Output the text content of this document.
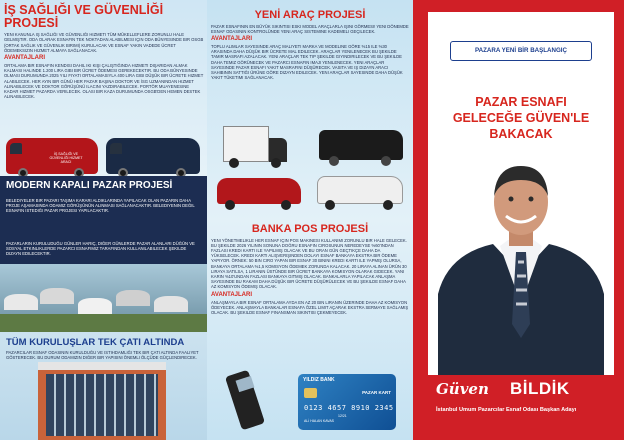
İŞ SAĞLIĞI VE GÜVENLİĞİ PROJESİ
YENI KANUNLA IŞ SAĞLIĞI VE GÜVENLIĞI HIZMETI TÜM MÜKELLEFLERE ZORUNLU HALE GELMIŞTIR. ODA OLARAK ESNAFIN TEK NOKTADAN ALABILMESI IÇIN ODA BÜNYESINDE BIR OSGB (ORTAK SAĞLIK VE GÜVENLIK BIRIMI) KURULACAK VE ESNAF YAKIN VADEDE ÜCRET ÖDEMEKSIZIN HIZMET ALMAYA SAĞLANACAK.
AVANTAJLARI
ORTALAMA BIR ESNAFIN KENDISI DAHIL IKI KIŞI ÇALIŞTIĞINDA HIZMETI DIŞARIDAN ALMAK KALMASI HALINDE 1.200 LIRA GIBI BIR ÜCRET ÖDEMESI GEREKECEKTIR. BU ODA BÜNYESINDE OLMASI DURUMUNDA 2025 YILI FIYATI ORTALAMASIYLA 400 LIRA GIBI DÜŞÜK BIR ÜCRETE HIZMET ALABILECEK. HER AYIN BIR GÜNÜ HER PAZAR BAŞINA DOKTOR VE İSG UZMANINDAN HIZMET ALINABILECEK VE DOKTOR GÖRÜŞÜNÜ ILACINI YAZDIRABILECEK. PORTÖR MUAYENESINE KADAR HIZMET PAZARDA VERILECEK. OLASI BIR KAZA DURUMUNDA OSGB'DEN HEMEN DESTEK ALINABILECEK.
İŞ SAĞLIĞI VE GÜVENLİĞİ HİZMET ARACI
MODERN KAPALI PAZAR PROJESİ
BELEDIYELER BIR PAZARI TAŞIMA KARARI ALDIKLARINDA YAPILACAK OLAN PAZARIN DAHA PROJE AŞAMASINDA ODAMIZ GÖRÜŞÜNÜN ALINMASI SAĞLANACAKTIR. BELEDIYENIN DEĞIL ESNAFIN ISTEDIĞI PAZAR PROJESI YAPILACAKTIR.
PAZARLARIN KURULUDUĞU GÜNLER HARIÇ, DIĞER GÜNLERDE PAZAR ALANLARI DÜĞÜN VE SOSYAL ETKINLIKLERDE PAZARCI ESNAFIMIZ TARAFINDAN KULLANILABILECEK ŞEKILDE DIZAYN EDILECEKTIR.
TÜM KURULUŞLAR TEK ÇATI ALTINDA
PAZARCILAR ESNAF ODASININ KURULDUĞU VE ISTIHDAMLIĞI TEK BIR ÇATI ALTINDA FAALIYET GÖSTERECEK. BU DURUM ODAMIZIN DIĞER BIR YAPISINI ÖNEMLI ÖLÇÜDE GÜÇLENDIRECEK.
YENİ ARAÇ PROJESİ
PAZAR ESNAFININ EN BÜYÜK SIKINTISI ESKI MODEL ARAÇLARLA IŞINI GÖRMESI! YENI DÖNEMDE ESNAF ODASININ KONTROLÜNDE YENI ARAÇ SISTEMINE KADEMELI GEÇILECEK.
AVANTAJLARI
TOPLU ALIMLAR SAYESINDE ARAÇ MALIYETI MARKA VE MODELINE GÖRE %15 ILE %30 ARASINDA DAHA DÜŞÜK BIR ÜCRETE MAL EDILECEK. ARAÇLAR YENILENECEK BU ŞEKILDE TAMIR MASRAFI AZALACAK. YENI ARAÇLAR TEK TIP ŞEKILDE GIYINDIRILECEK VE BU ŞEKILDE DAHA TEMIZ GÖRÜNECEK VE PAZARCI ESNAFIN IMAJI YENILENECEK. YENI ARAÇLAR SAYESINDE PAZAR ESNAFI YAKIT MASRAFINI DÜŞÜRECEK. VASITA VE IŞ DIZAYN ARACI SAHIBININ SATTIĞI ÜRÜNE GÖRE DIZAYN EDILECEK. YENI ARAÇLAR SAYESINDE DAHA DÜŞÜK YAKIT TÜKETIMI SAĞLANACAK.
BANKA POS PROJESİ
YENI YÖNETMELIKLE HER ESNAF IÇIN POS MAKINESI KULLANIMI ZORUNLU BIR HALE GELECEK. BU ŞEKILDE 2026 YILININ SONUNA DOĞRU ESNAFIN CIROSUNUN NEREDEYSE %60'INDAN FAZLASI KREDI KARTI ILE YAPILMIŞ OLACAK VE BU ORAN GÜN GEÇTIKÇE DAHA DA YÜKSELECEK. KREDI KARTI ALIŞVERIŞINDEN DOLAYI ESNAF BANKAYA EKSTRA BIR ÖDEME YAPIYOR. ÖRNEK: 50 BIN CIRO YAPAN BIR ESNAF 30 BININI KREDI KARTI ILE YAPMIŞ OLURSA, BANKAYA ORTALAMA %1,5 KOMISYON ÖDEMEK ZORUNDA KALACAK. 20 LIRAYA ALINAN ÜRÜN 30 LIRAYA SATILSA, 1 LIRANIN ÜSTÜNDE BIR ÜCRET BANKAYA KOMISYON OLARAK GIDECEK. YANI KARIN %10'UNDAN FAZLASI BANKAYA GITMIŞ OLACAK. BANKALARLA YAPILACAK ANLAŞMA SAYESINDE BU RAKAM DAHA DÜŞÜK BIR ÜCRETE DÜŞÜRÜLECEK VE BU ŞEKILDE ESNAF DAHA AZ KOMISYON ÖDEMIŞ OLACAK.
AVANTAJLARI
ANLAŞMAYLA BIR ESNAF ORTALAMA AYDA EN AZ 20 BIN LIRANIN ÜZERINDE DAHA AZ KOMISYON ÖDEYECEK. ANLAŞMAYLA BANKALAR ESNAFA ÖZEL LIMIT AÇARAK EKSTRA SERMAYE SAĞLAMIŞ OLACAK. BU ŞEKILDE ESNAF FINANSMAN SIKINTISI ÇEKMEYECEK.
YILDIZ BANK
PAZAR KART
0123 4657 8910 2345
12/21
ALİ HALAN KAVAS
PAZARA YENİ BİR BAŞLANGIÇ
PAZAR ESNAFI
GELECEĞE GÜVEN'LE BAKACAK
Güven BİLDİK
İstanbul Umum Pazarcılar Esnaf Odası Başkan Adayı
